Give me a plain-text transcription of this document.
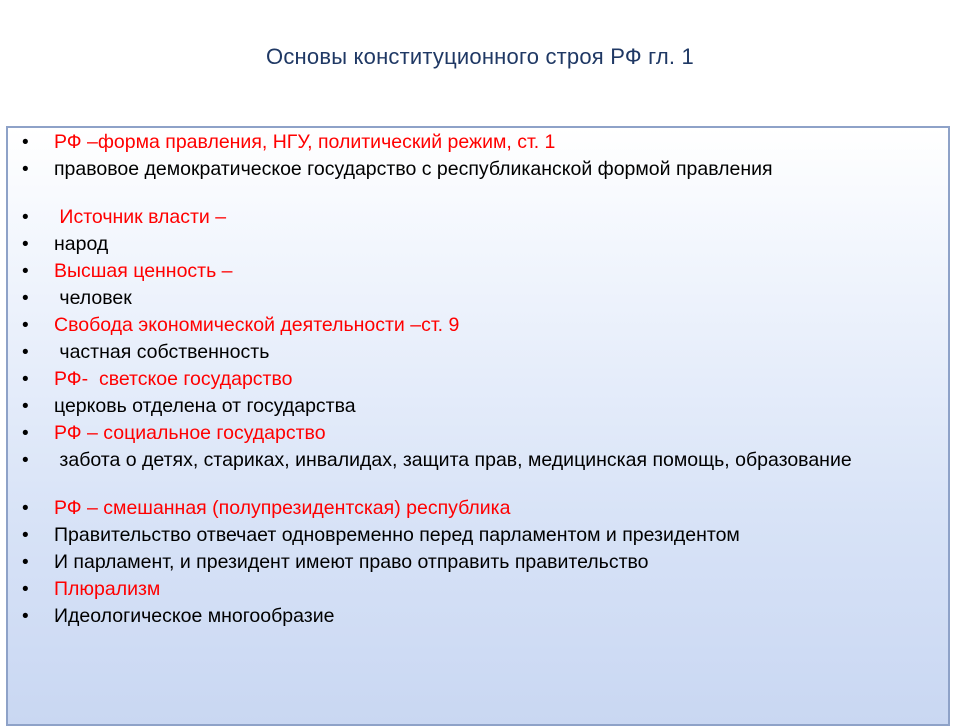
Основы конституционного строя РФ гл. 1
• РФ –форма правления, НГУ, политический режим, ст. 1
• правовое демократическое государство с республиканской формой правления
• Источник власти –
• народ
• Высшая ценность –
• человек
• Свобода экономической деятельности –ст. 9
• частная собственность
• РФ-  светское государство
• церковь отделена от государства
• РФ – социальное государство
• забота о детях, стариках, инвалидах, защита прав, медицинская помощь, образование
• РФ – смешанная (полупрезидентская) республика
• Правительство отвечает одновременно перед парламентом и президентом
• И парламент, и президент имеют право отправить правительство
• Плюрализм
• Идеологическое многообразие
